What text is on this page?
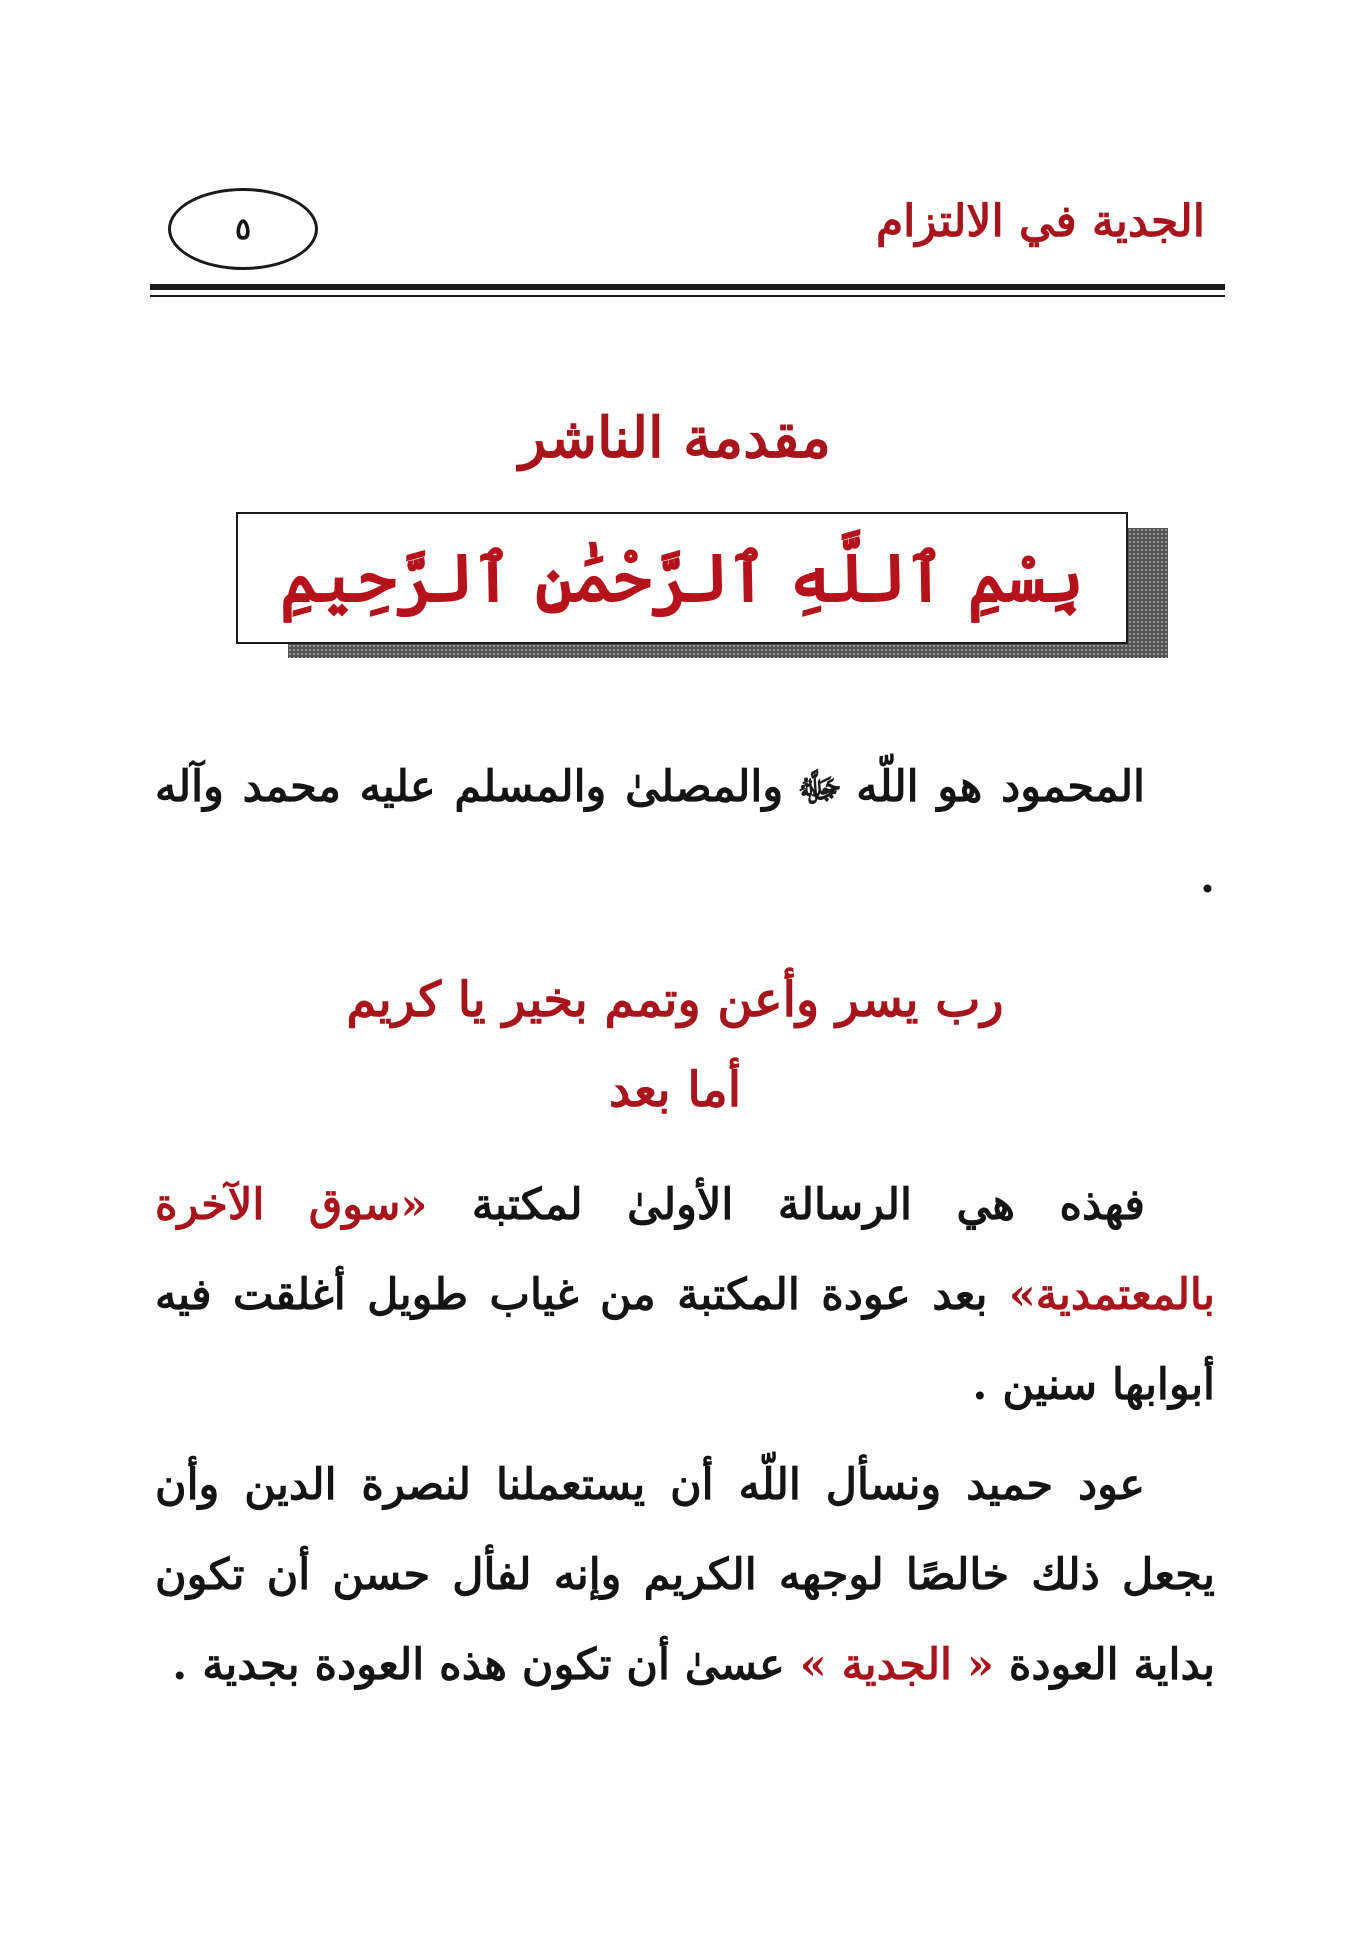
الجدية في الالتزام
٥
مقدمة الناشر
بِسْمِ ٱللَّهِ ٱلرَّحْمَٰنِ ٱلرَّحِيمِ
المحمود هو اللّهﷻوالمصلىٰ والمسلم عليه محمد وآله .
رب يسر وأعن وتمم بخير يا كريم
أما بعد
فهذه هي الرسالة الأولىٰ لمكتبة «سوق الآخرة بالمعتمدية» بعد عودة المكتبة من غياب طويل أغلقت فيه أبوابها سنين .
عود حميد ونسأل اللّه أن يستعملنا لنصرة الدين وأن يجعل ذلك خالصًا لوجهه الكريم وإنه لفأل حسن أن تكون بداية العودة « الجدية » عسىٰ أن تكون هذه العودة بجدية .
